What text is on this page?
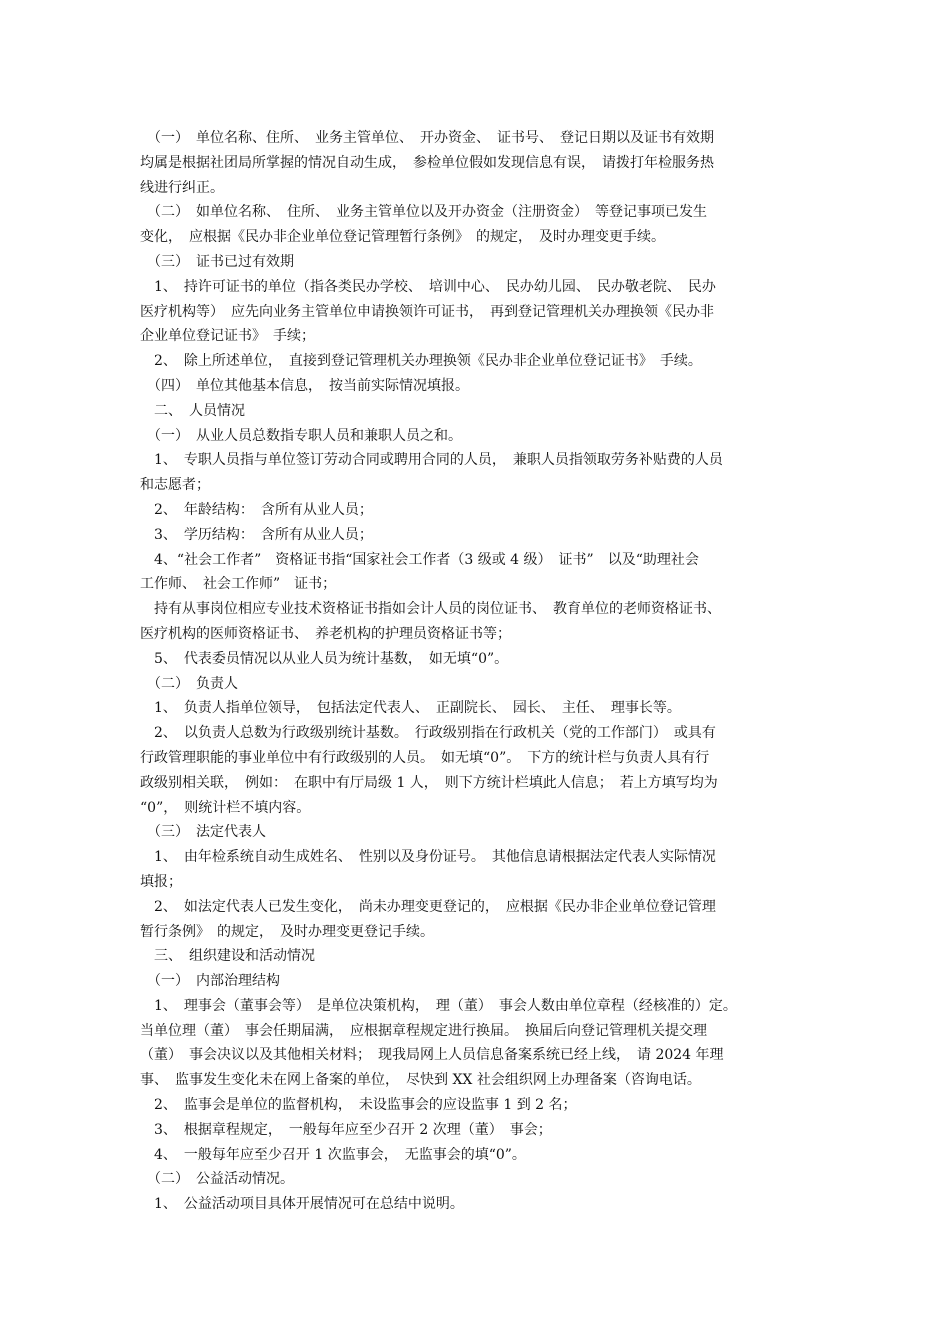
　（一）　单位名称、住所、　业务主管单位、　开办资金、　证书号、　登记日期以及证书有效期

均属是根据社团局所掌握的情况自动生成，　参检单位假如发现信息有误，　请拨打年检服务热

线进行纠正。

　（二）　如单位名称、　住所、　业务主管单位以及开办资金（注册资金）　等登记事项已发生

变化，　应根据《民办非企业单位登记管理暂行条例》　的规定，　及时办理变更手续。

　（三）　证书已过有效期

　1、　持许可证书的单位（指各类民办学校、　培训中心、　民办幼儿园、　民办敬老院、　民办

医疗机构等）　应先向业务主管单位申请换领许可证书，　再到登记管理机关办理换领《民办非

企业单位登记证书》　手续；

　2、　除上所述单位，　直接到登记管理机关办理换领《民办非企业单位登记证书》　手续。

　（四）　单位其他基本信息，　按当前实际情况填报。

　二、　人员情况

　（一）　从业人员总数指专职人员和兼职人员之和。

　1、　专职人员指与单位签订劳动合同或聘用合同的人员，　兼职人员指领取劳务补贴费的人员

和志愿者；

　2、　年龄结构：　含所有从业人员；

　3、　学历结构：　含所有从业人员；

　4、“社会工作者”　资格证书指“国家社会工作者（3 级或 4 级）　证书”　以及“助理社会

工作师、　社会工作师”　证书；

　持有从事岗位相应专业技术资格证书指如会计人员的岗位证书、　教育单位的老师资格证书、

医疗机构的医师资格证书、　养老机构的护理员资格证书等；

　5、　代表委员情况以从业人员为统计基数，　如无填“0”。

　（二）　负责人

　1、　负责人指单位领导，　包括法定代表人、　正副院长、　园长、　主任、　理事长等。

　2、　以负责人总数为行政级别统计基数。　行政级别指在行政机关（党的工作部门）　或具有

行政管理职能的事业单位中有行政级别的人员。　如无填“0”。　下方的统计栏与负责人具有行

政级别相关联，　例如：　在职中有厅局级 1 人，　则下方统计栏填此人信息；　若上方填写均为

“0”，　则统计栏不填内容。

　（三）　法定代表人

　1、　由年检系统自动生成姓名、　性别以及身份证号。　其他信息请根据法定代表人实际情况

填报；

　2、　如法定代表人已发生变化，　尚未办理变更登记的，　应根据《民办非企业单位登记管理

暂行条例》　的规定，　及时办理变更登记手续。

　三、　组织建设和活动情况

　（一）　内部治理结构

　1、　理事会（董事会等）　是单位决策机构，　理（董）　事会人数由单位章程（经核准的）定。

当单位理（董）　事会任期届满，　应根据章程规定进行换届。　换届后向登记管理机关提交理

（董）　事会决议以及其他相关材料；　现我局网上人员信息备案系统已经上线，　请 2024 年理

事、　监事发生变化未在网上备案的单位，　尽快到 XX 社会组织网上办理备案（咨询电话。

　2、　监事会是单位的监督机构，　未设监事会的应设监事 1 到 2 名；

　3、　根据章程规定，　一般每年应至少召开 2 次理（董）　事会；

　4、　一般每年应至少召开 1 次监事会，　无监事会的填“0”。

　（二）　公益活动情况。

　1、　公益活动项目具体开展情况可在总结中说明。
